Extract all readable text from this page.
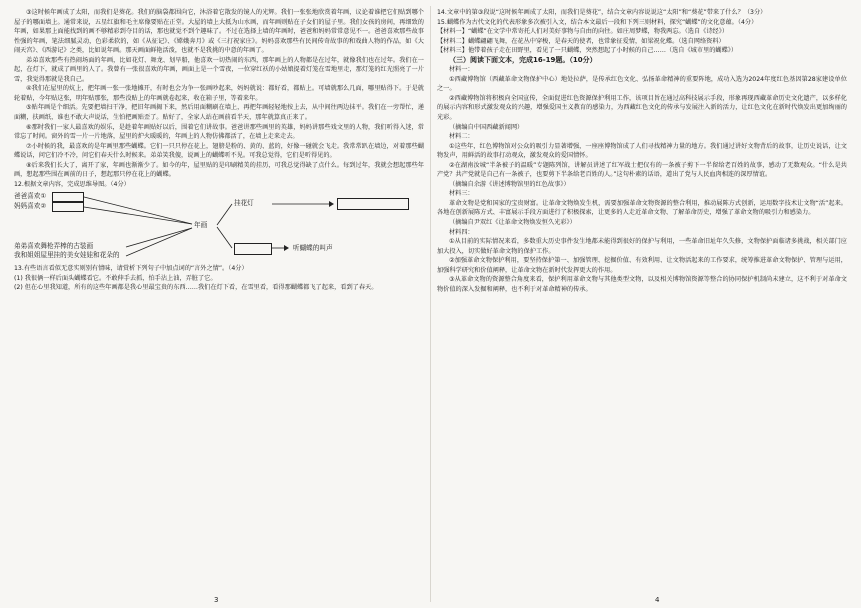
③这时候年画成了太阳，而我们是葵花。我们的脑袋都围向它，沐浴着它散发的镜人的光辉。我们一张张地欣赏着年画，议论着谁把它们贴到哪个屋子的哪面墙上。通常来说，五星红旗和毛主席像要贴在正堂。大屋的墙上大抵为山水画，而年画则贴在子女们的屋子里。我们女孩的房间，再细致的年画，如果那上面能找到的画不够精彩到夺目的话，那也就觉不到个趣味了。不过在选择上墙的年画时，爸爸和妈妈常常意见不一。爸爸喜欢那些故事性强的年画，笔法细腻灵动，色彩柔软的，如《从征记》、《嫦娥奔月》或《三打祝家庄》。妈妈喜欢那些有民间传奇故事的和戏曲人物的作品，如《大闹天宫》、《西游记》之类，比如说年画。那天画面鲜艳活泼，也就不是我挑的中意的年画了。

弟弟喜欢那些有热闹场面的年画，比如花灯、舞龙、划旱船，他喜欢一切热闹的东西，那年画上的人物都是在过年，就像我们也在过年。我们在一起，在灯下，就成了画里的人了。我曾有一张很喜欢的年画，画面上是一个雪夜，一位穿红袄的小姑娘提着灯笼在雪地里走，那灯笼的红光照亮了一片雪，我觉得那就是我自己。

④我们在屋里的炕上，把年画一张一张地摊开，有时也会为争一张画吵起来，妈妈就说：都好看，都贴上。可墙就那么几面，哪里贴得下。于是就轮着贴，今年贴这张，明年贴那张，那些没贴上的年画就卷起来，收在箱子里，等着来年。

⑤贴年画是个细活。先要把墙扫干净，把旧年画揭下来，然后用面糊刷在墙上，再把年画轻轻地按上去，从中间往两边抹平。我们在一旁帮忙，递面糊，扶画纸，谁也不敢大声说话，生怕把画贴歪了。贴好了，全家人站在画前看半天，那年就算真正来了。

⑥那时我们一家人最喜欢的娱乐，是趁着年画贴好以后，围着它们讲故事。爸爸讲那些画里的英雄，妈妈讲那些戏文里的人物，我们听得入迷，常常忘了时间。窗外的雪一片一片地落，屋里的炉火暖暖的，年画上的人物仿佛都活了，在墙上走来走去。

⑦小时候的我，最喜欢的是年画里那些蝴蝶。它们一只只停在花上，翅膀是粉的、黄的、蓝的，好像一碰就会飞走。我常常趴在墙边，对着那些蝴蝶说话，问它们冷不冷，问它们春天什么时候来。弟弟笑我傻，说画上的蝴蝶听不见。可我总觉得，它们是听得见的。

⑧后来我们长大了，离开了家，年画也渐渐少了。如今的年，屋里贴的是印刷精美的挂历，可我总觉得缺了点什么。每到过年，我就会想起那些年画，想起那些围在画前的日子，想起那只停在花上的蝴蝶。

12.根据文章内容，完成思维导图。（4分）

爸爸喜欢①
妈妈喜欢②
弟弟喜欢舞枪弄棒的古装画
我和姐姐屋里挂的美女娃娃和花朵的
年画
挂花灯
听蝴蝶的叫声

13.有些语言看似无意实则别有情味，请赏析下列句子中加点词的“言外之情”。（4分）

(1) 我很俩一样后面头蝴蝶看它。不敢伸手去抓，怕手沾上油，弄脏了它。

(2) 但在心里我知道，所有的这些年画都是我心里最宝贵的东西……我们在灯下看，在雪里看，看得那蝴蝶都飞了起来，看到了春天。

3

14.文章中的第③段说“这时候年画成了太阳，而我们是葵花”，结合文章内容说说这“太阳”和“葵花”带来了什么？（3分）

15.蝴蝶作为古代文化的代表形象多次被引入文，结合本文最后一段和下列三则材料，探究“蝴蝶”的文化意蕴。（4分）

【材料一】“蝴蝶”在文学中常寄托人们对美好事物与自由的向往。如庄周梦蝶，物我两忘。（选自《诗经》）

【材料二】蝴蝶翩翩飞舞，在花丛中穿梭，是春天的使者，也常象征爱情，如梁祝化蝶。（选自网络资料）

【材料三】他带着孩子走在田野里，看见了一只蝴蝶，突然想起了小时候的自己……（选自《城市里的蝴蝶》）

（三）阅读下面文本，完成16-19题。（10分）

材料一：

①西藏博物馆（西藏革命文物保护中心）地处拉萨，是传承红色文化、弘扬革命精神的重要阵地，成功入选为2024年度红色基因第28家建设单位之一。

②西藏博物馆将积极向全国宣传，全面促进红色资源保护利用工作，该项目旨在通过高科技展示手段，形象再现西藏革命历史文化遗产，以多样化的展示内容和形式激发观众的兴趣，增强爱国主义教育的感染力，为西藏红色文化的传承与发展注入新的活力，让红色文化在新时代焕发出更加绚丽的光彩。

（摘编自中国西藏新闻网）

材料二：

①这些年，红色博物馆对公众的吸引力显著增强，一座座博物馆成了人们寻找精神力量的地方。我们通过讲好文物背后的故事，让历史说话，让文物发声，用鲜活的故事打动观众，激发观众的爱国情怀。

②在湖南汝城“半条被子的温暖”专题陈列馆，讲解员讲述了红军战士把仅有的一条被子剪下一半留给老百姓的故事，感动了无数观众。“什么是共产党？共产党就是自己有一条被子，也要剪下半条给老百姓的人。”这句朴素的话语，道出了党与人民血肉相连的深厚情谊。

（摘编自余游《讲述博物馆里的红色故事》）

材料三：

革命文物是党和国家的宝贵财富。让革命文物焕发生机，需要加强革命文物资源的整合利用，推动展陈方式创新，运用数字技术让文物“活”起来。各地在创新展陈方式、丰富展示手段方面进行了积极探索，让更多的人走近革命文物、了解革命历史，增强了革命文物的吸引力和感染力。

（摘编自尹双红《让革命文物焕发恒久光彩》）

材料四：

①从目前的实际情况来看，多数重大历史事件发生地都未能得到很好的保护与利用，一些革命旧址年久失修，文物保护面临诸多挑战，相关部门应加大投入，切实做好革命文物的保护工作。

②加强革命文物保护利用，要坚持保护第一、加强管理、挖掘价值、有效利用、让文物活起来的工作要求，统筹推进革命文物保护、管理与运用，加强科学研究和价值阐释，让革命文物在新时代发挥更大的作用。

③从革命文物的资源整合角度来看，保护利用革命文物与其他类型文物，以及相关博物馆资源等整合的协同保护机制尚未建立，这不利于对革命文物价值的深入发掘和阐释，也不利于对革命精神的传承。

4
